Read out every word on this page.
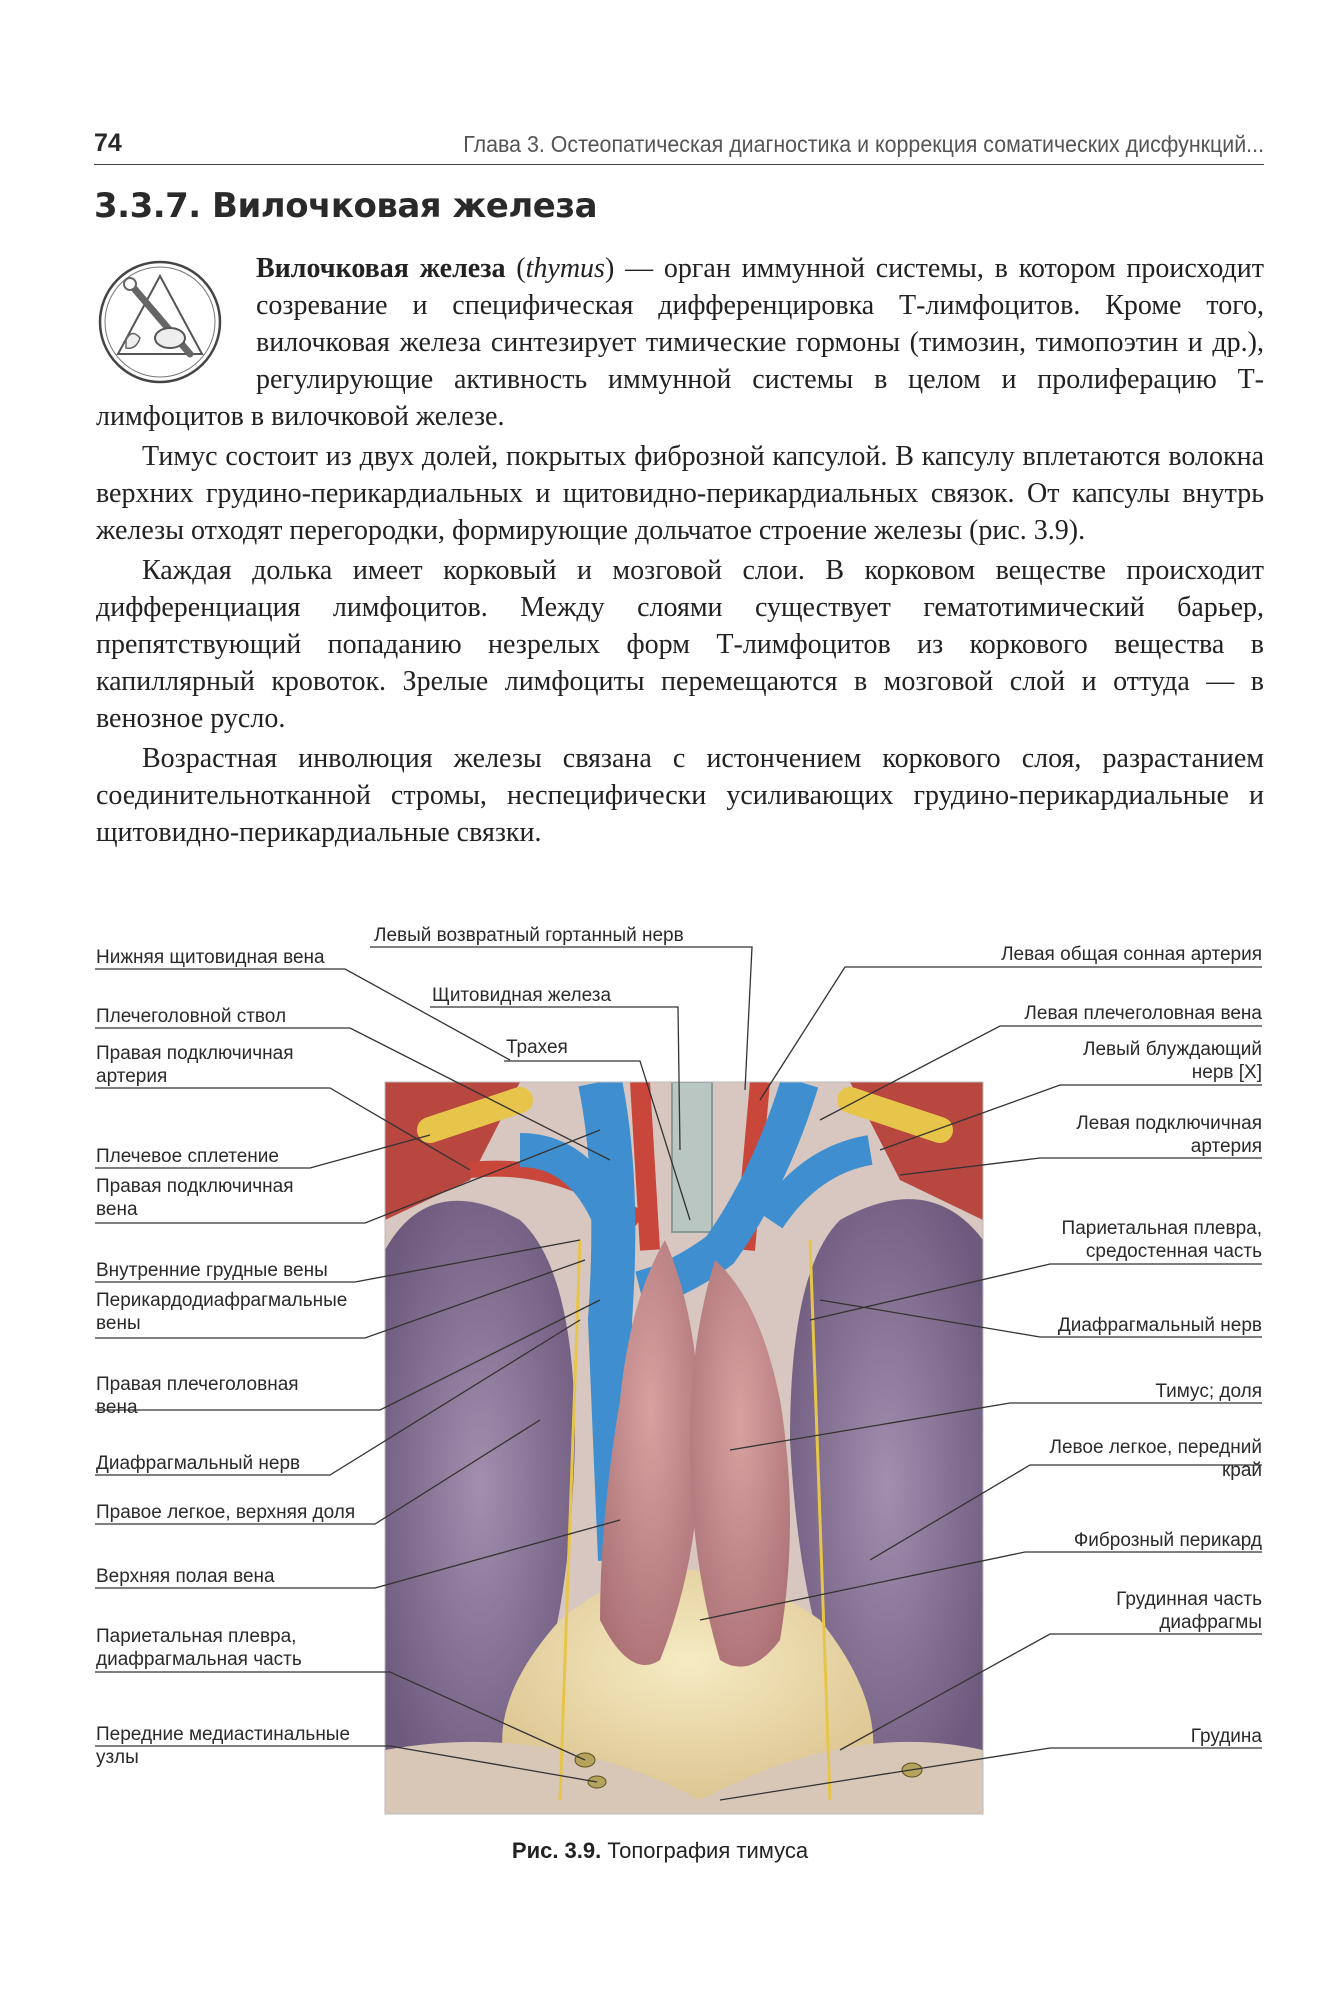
74	Глава 3. Остеопатическая диагностика и коррекция соматических дисфункций...
3.3.7. Вилочковая железа

Вилочковая железа (thymus) — орган иммунной системы, в котором происходит созревание и специфическая дифференцировка Т-лимфоцитов. Кроме того, вилочковая железа синтезирует тимические гормоны (тимозин, тимопоэтин и др.), регулирующие активность иммунной системы в целом и пролиферацию Т-лимфоцитов в вилочковой железе.

Тимус состоит из двух долей, покрытых фиброзной капсулой. В капсулу вплетаются волокна верхних грудино-перикардиальных и щитовидно-перикардиальных связок. От капсулы внутрь железы отходят перегородки, формирующие дольчатое строение железы (рис. 3.9).

Каждая долька имеет корковый и мозговой слои. В корковом веществе происходит дифференциация лимфоцитов. Между слоями существует гематотимический барьер, препятствующий попаданию незрелых форм Т-лимфоцитов из коркового вещества в капиллярный кровоток. Зрелые лимфоциты перемещаются в мозговой слой и оттуда — в венозное русло.

Возрастная инволюция железы связана с истончением коркового слоя, разрастанием соединительнотканной стромы, неспецифически усиливающих грудино-перикардиальные и щитовидно-перикардиальные связки.

Нижняя щитовидная вена
Плечеголовной ствол
Правая подключичная артерия
Плечевое сплетение
Правая подключичная вена
Внутренние грудные вены
Перикардодиафрагмальные вены
Правая плечеголовная вена
Диафрагмальный нерв
Правое легкое, верхняя доля
Верхняя полая вена
Париетальная плевра, диафрагмальная часть
Передние медиастинальные узлы
Левый возвратный гортанный нерв
Щитовидная железа
Трахея
Левая общая сонная артерия
Левая плечеголовная вена
Левый блуждающий нерв [X]
Левая подключичная артерия
Париетальная плевра, средостенная часть
Диафрагмальный нерв
Тимус; доля
Левое легкое, передний край
Фиброзный перикард
Грудинная часть диафрагмы
Грудина
Рис. 3.9. Топография тимуса
